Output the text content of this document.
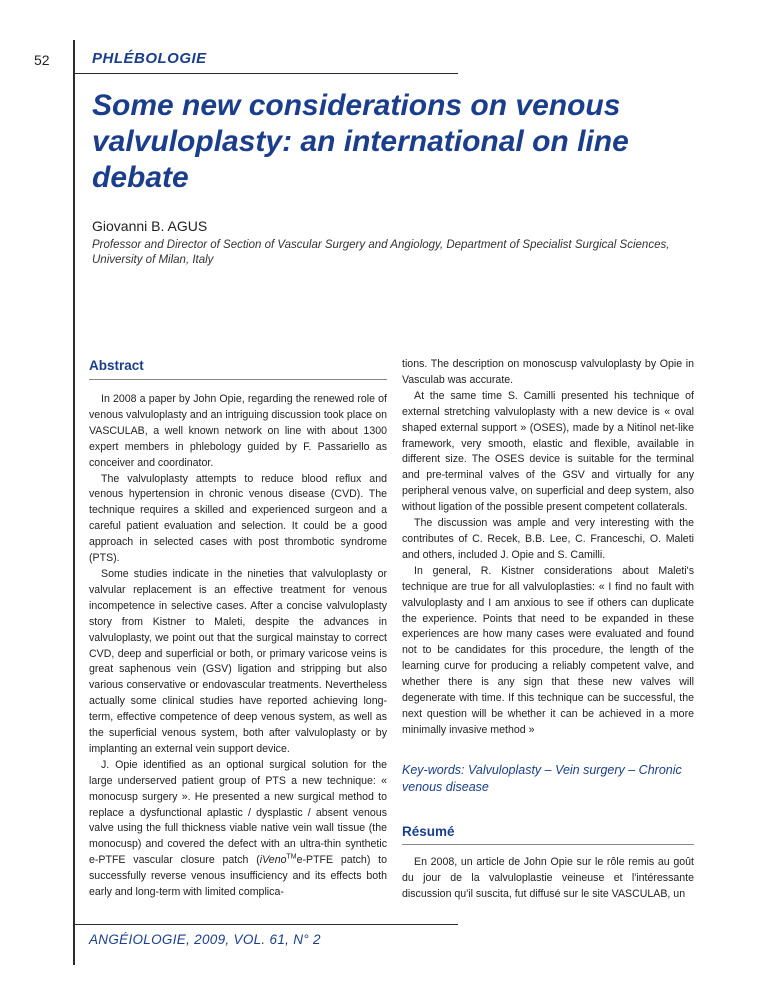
52	PHLÉBOLOGIE
Some new considerations on venous valvuloplasty: an international on line debate
Giovanni B. AGUS
Professor and Director of Section of Vascular Surgery and Angiology, Department of Specialist Surgical Sciences, University of Milan, Italy
Abstract

In 2008 a paper by John Opie, regarding the renewed role of venous valvuloplasty and an intriguing discussion took place on VASCULAB, a well known network on line with about 1300 expert members in phlebology guided by F. Passariello as conceiver and coordinator.

The valvuloplasty attempts to reduce blood reflux and venous hypertension in chronic venous disease (CVD). The technique requires a skilled and experienced surgeon and a careful patient evaluation and selection. It could be a good approach in selected cases with post thrombotic syndrome (PTS).

Some studies indicate in the nineties that valvuloplasty or valvular replacement is an effective treatment for venous incompetence in selective cases. After a concise valvuloplasty story from Kistner to Maleti, despite the advances in valvuloplasty, we point out that the surgical mainstay to correct CVD, deep and superficial or both, or primary varicose veins is great saphenous vein (GSV) ligation and stripping but also various conservative or endovascular treatments. Nevertheless actually some clinical studies have reported achieving long-term, effective competence of deep venous system, as well as the superficial venous system, both after valvuloplasty or by implanting an external vein support device.

J. Opie identified as an optional surgical solution for the large underserved patient group of PTS a new technique: « monocusp surgery ». He presented a new surgical method to replace a dysfunctional aplastic / dysplastic / absent venous valve using the full thickness viable native vein wall tissue (the monocusp) and covered the defect with an ultra-thin synthetic e-PTFE vascular closure patch (iVeno™e-PTFE patch) to successfully reverse venous insufficiency and its effects both early and long-term with limited complica-

tions. The description on monoscusp valvuloplasty by Opie in Vasculab was accurate.

At the same time S. Camilli presented his technique of external stretching valvuloplasty with a new device is « oval shaped external support » (OSES), made by a Nitinol net-like framework, very smooth, elastic and flexible, available in different size. The OSES device is suitable for the terminal and pre-terminal valves of the GSV and virtually for any peripheral venous valve, on superficial and deep system, also without ligation of the possible present competent collaterals.

The discussion was ample and very interesting with the contributes of C. Recek, B.B. Lee, C. Franceschi, O. Maleti and others, included J. Opie and S. Camilli.

In general, R. Kistner considerations about Maleti's technique are true for all valvuloplasties: « I find no fault with valvuloplasty and I am anxious to see if others can duplicate the experience. Points that need to be expanded in these experiences are how many cases were evaluated and found not to be candidates for this procedure, the length of the learning curve for producing a reliably competent valve, and whether there is any sign that these new valves will degenerate with time. If this technique can be successful, the next question will be whether it can be achieved in a more minimally invasive method »

Key-words: Valvuloplasty – Vein surgery – Chronic venous disease
Résumé

En 2008, un article de John Opie sur le rôle remis au goût du jour de la valvuloplastie veineuse et l'intéressante discussion qu'il suscita, fut diffusé sur le site VASCULAB, un

ANGÉIOLOGIE, 2009, VOL. 61, N° 2
